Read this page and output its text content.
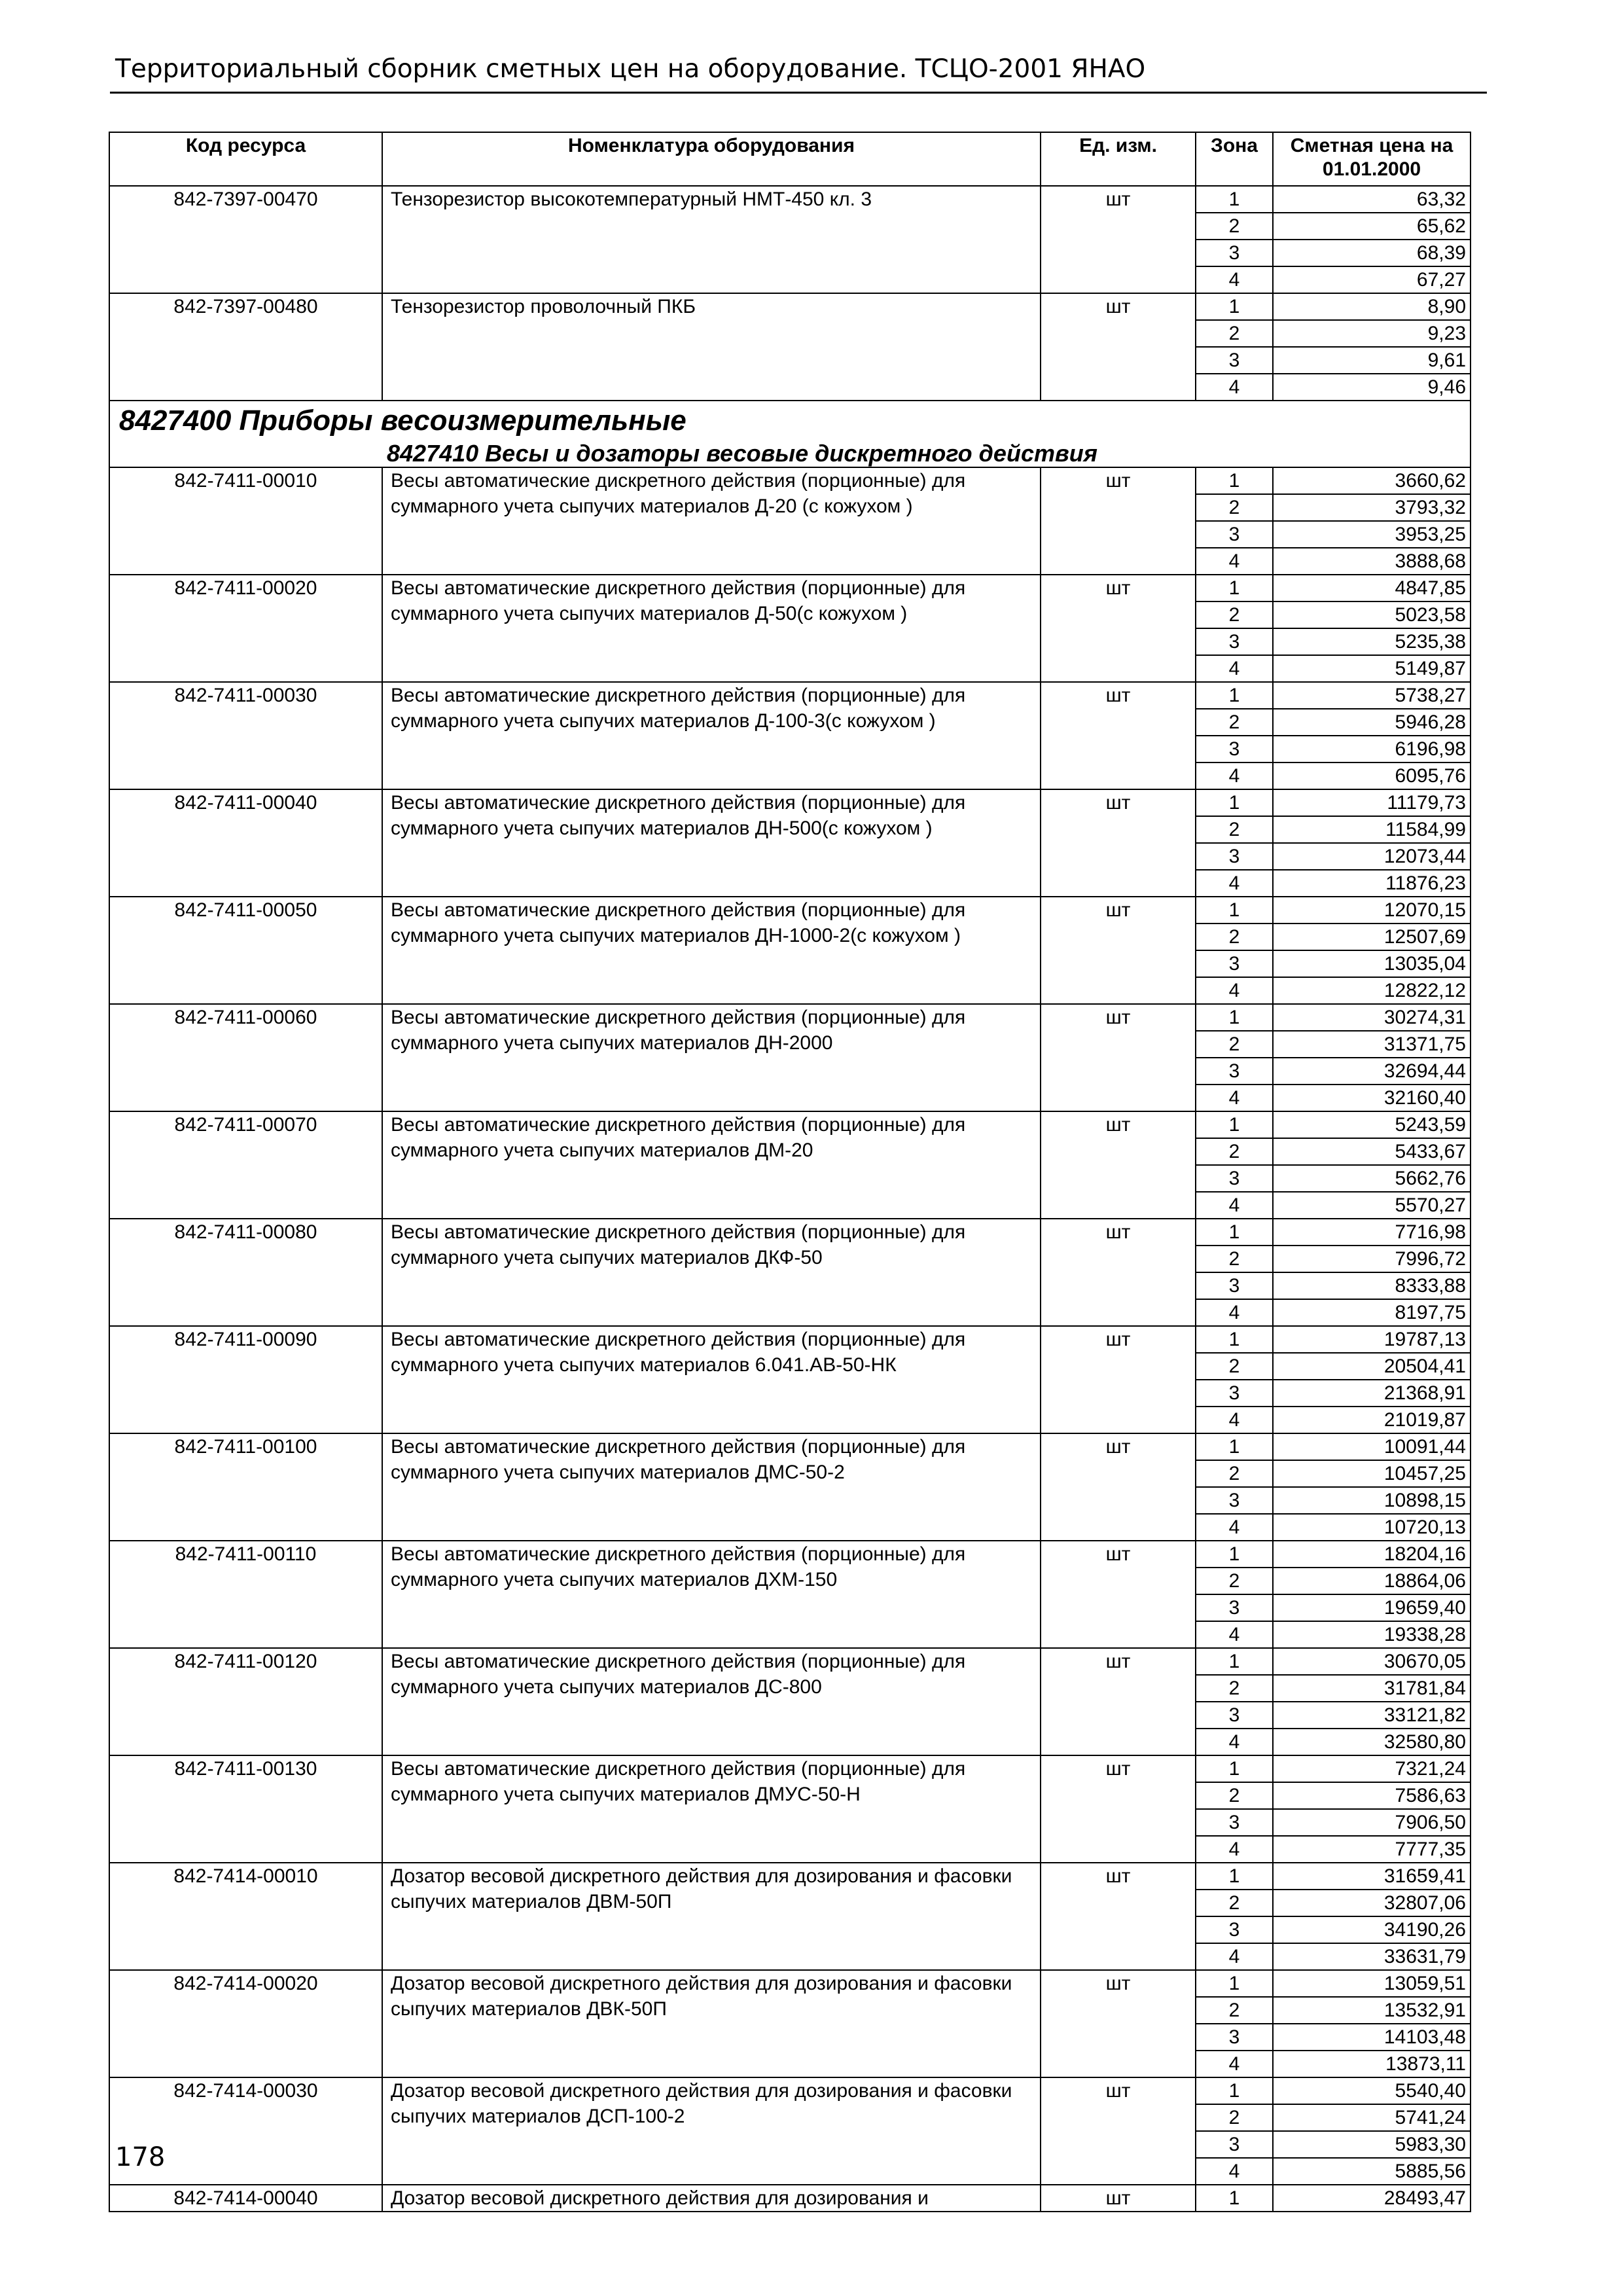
Территориальный сборник сметных цен на оборудование. ТСЦО-2001 ЯНАО
Код ресурса	Номенклатура оборудования	Ед. изм.	Зона	Сметная цена на 01.01.2000
842-7397-00470	Тензорезистор высокотемпературный НМТ-450 кл. 3	шт	1	63,32
			2	65,62
			3	68,39
			4	67,27
842-7397-00480	Тензорезистор проволочный ПКБ	шт	1	8,90
			2	9,23
			3	9,61
			4	9,46
8427400 Приборы весоизмерительные				
8427410 Весы и дозаторы весовые дискретного действия				
842-7411-00010	Весы автоматические дискретного действия (порционные) для суммарного учета сыпучих материалов Д-20 (с кожухом )	шт	1	3660,62
			2	3793,32
			3	3953,25
			4	3888,68
842-7411-00020	Весы автоматические дискретного действия (порционные) для суммарного учета сыпучих материалов Д-50(с кожухом )	шт	1	4847,85
			2	5023,58
			3	5235,38
			4	5149,87
842-7411-00030	Весы автоматические дискретного действия (порционные) для суммарного учета сыпучих материалов Д-100-3(с кожухом )	шт	1	5738,27
			2	5946,28
			3	6196,98
			4	6095,76
842-7411-00040	Весы автоматические дискретного действия (порционные) для суммарного учета сыпучих материалов ДН-500(с кожухом )	шт	1	11179,73
			2	11584,99
			3	12073,44
			4	11876,23
842-7411-00050	Весы автоматические дискретного действия (порционные) для суммарного учета сыпучих материалов ДН-1000-2(с кожухом )	шт	1	12070,15
			2	12507,69
			3	13035,04
			4	12822,12
842-7411-00060	Весы автоматические дискретного действия (порционные) для суммарного учета сыпучих материалов ДН-2000	шт	1	30274,31
			2	31371,75
			3	32694,44
			4	32160,40
842-7411-00070	Весы автоматические дискретного действия (порционные) для суммарного учета сыпучих материалов ДМ-20	шт	1	5243,59
			2	5433,67
			3	5662,76
			4	5570,27
842-7411-00080	Весы автоматические дискретного действия (порционные) для суммарного учета сыпучих материалов ДКФ-50	шт	1	7716,98
			2	7996,72
			3	8333,88
			4	8197,75
842-7411-00090	Весы автоматические дискретного действия (порционные) для суммарного учета сыпучих материалов 6.041.АВ-50-НК	шт	1	19787,13
			2	20504,41
			3	21368,91
			4	21019,87
842-7411-00100	Весы автоматические дискретного действия (порционные) для суммарного учета сыпучих материалов ДМС-50-2	шт	1	10091,44
			2	10457,25
			3	10898,15
			4	10720,13
842-7411-00110	Весы автоматические дискретного действия (порционные) для суммарного учета сыпучих материалов ДХМ-150	шт	1	18204,16
			2	18864,06
			3	19659,40
			4	19338,28
842-7411-00120	Весы автоматические дискретного действия (порционные) для суммарного учета сыпучих материалов ДС-800	шт	1	30670,05
			2	31781,84
			3	33121,82
			4	32580,80
842-7411-00130	Весы автоматические дискретного действия (порционные) для суммарного учета сыпучих материалов ДМУС-50-Н	шт	1	7321,24
			2	7586,63
			3	7906,50
			4	7777,35
842-7414-00010	Дозатор весовой дискретного действия для дозирования и фасовки сыпучих материалов ДВМ-50П	шт	1	31659,41
			2	32807,06
			3	34190,26
			4	33631,79
842-7414-00020	Дозатор весовой дискретного действия для дозирования и фасовки сыпучих материалов ДВК-50П	шт	1	13059,51
			2	13532,91
			3	14103,48
			4	13873,11
842-7414-00030	Дозатор весовой дискретного действия для дозирования и фасовки сыпучих материалов ДСП-100-2	шт	1	5540,40
			2	5741,24
			3	5983,30
			4	5885,56
842-7414-00040	Дозатор весовой дискретного действия для дозирования и	шт	1	28493,47
178
